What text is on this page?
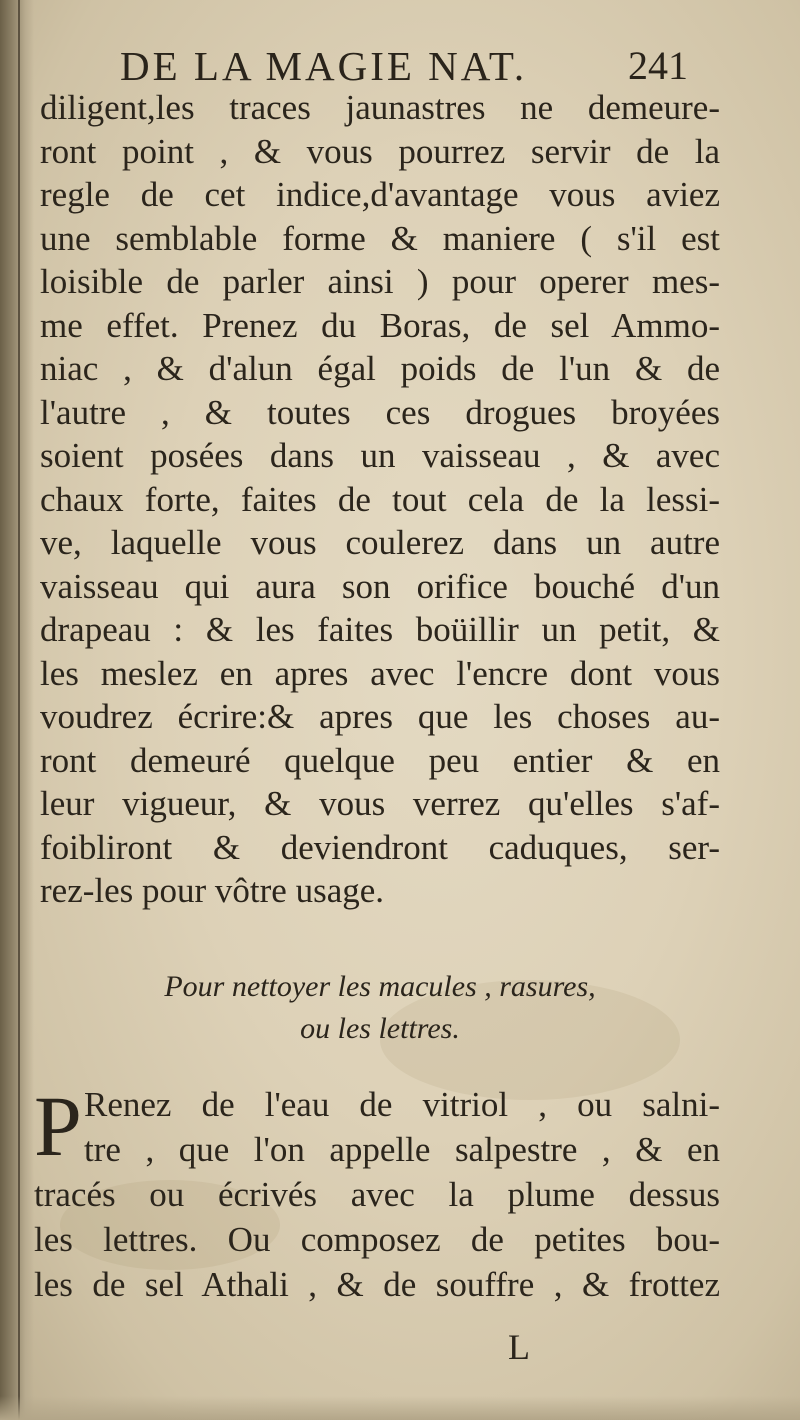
DE LA MAGIE NAT.	241
diligent,les traces jaunastres ne demeure-
ront point , & vous pourrez servir de la
regle de cet indice,d'avantage vous aviez
une semblable forme & maniere ( s'il est
loisible de parler ainsi ) pour operer mes-
me effet. Prenez du Boras, de sel Ammo-
niac , & d'alun égal poids de l'un & de
l'autre , & toutes ces drogues broyées
soient posées dans un vaisseau , & avec
chaux forte, faites de tout cela de la lessi-
ve, laquelle vous coulerez dans un autre
vaisseau qui aura son orifice bouché d'un
drapeau : & les faites boüillir un petit, &
les meslez en apres avec l'encre dont vous
voudrez écrire:& apres que les choses au-
ront demeuré quelque peu entier & en
leur vigueur, & vous verrez qu'elles s'af-
foibliront & deviendront caduques, ser-
rez-les pour vôtre usage.
Pour nettoyer les macules , rasures,
ou les lettres.
P Renez de l'eau de vitriol , ou salni-
tre , que l'on appelle salpestre , & en
tracés ou écrivés avec la plume dessus
les lettres. Ou composez de petites bou-
les de sel Athali , & de souffre , & frottez
L
